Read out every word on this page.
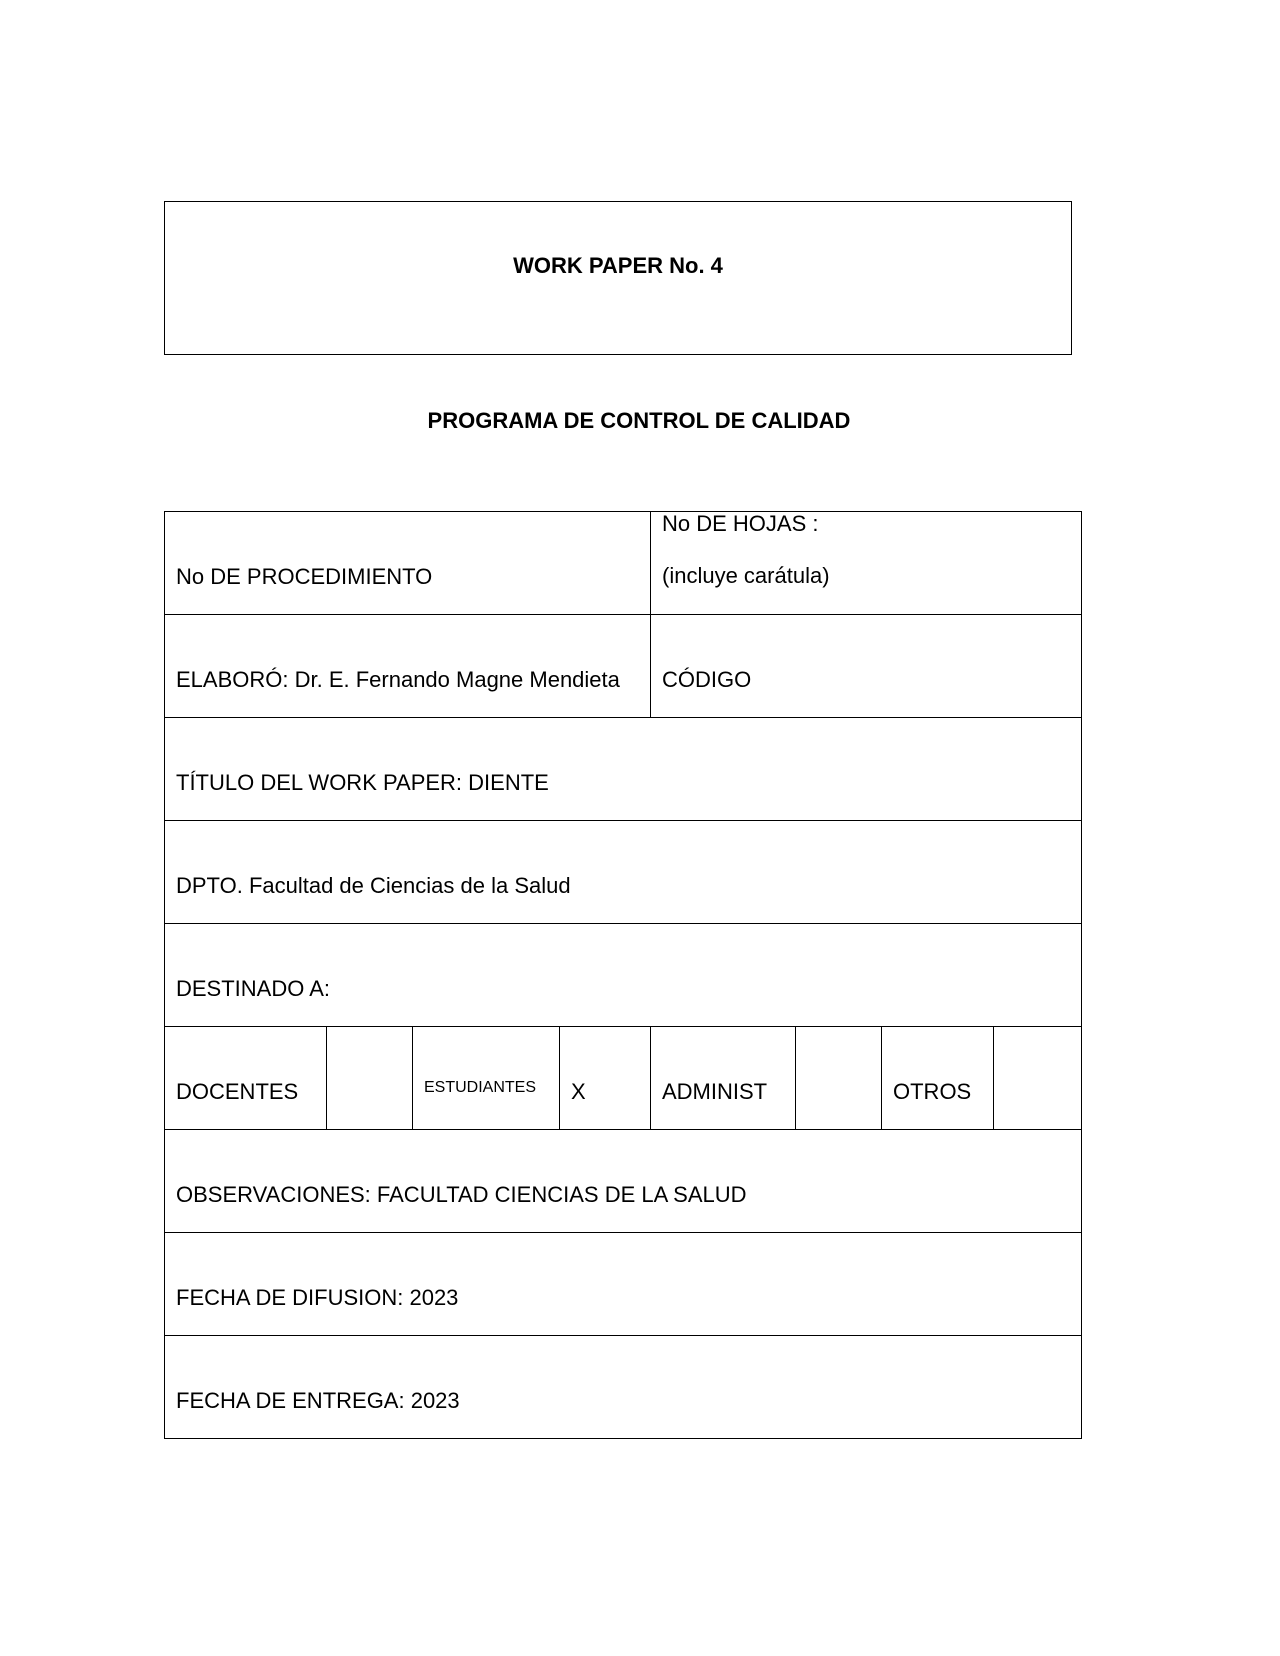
WORK PAPER No. 4
PROGRAMA DE CONTROL DE CALIDAD
No DE PROCEDIMIENTO				No DE HOJAS :
(incluye carátula)			

ELABORÓ: Dr. E. Fernando Magne Mendieta				CÓDIGO			
TÍTULO DEL WORK PAPER: DIENTE							
DPTO. Facultad de Ciencias de la Salud							
DESTINADO A:							
DOCENTES		ESTUDIANTES	X	ADMINIST		OTROS	
OBSERVACIONES: FACULTAD CIENCIAS DE LA SALUD							
FECHA DE DIFUSION: 2023							
FECHA DE ENTREGA: 2023							
